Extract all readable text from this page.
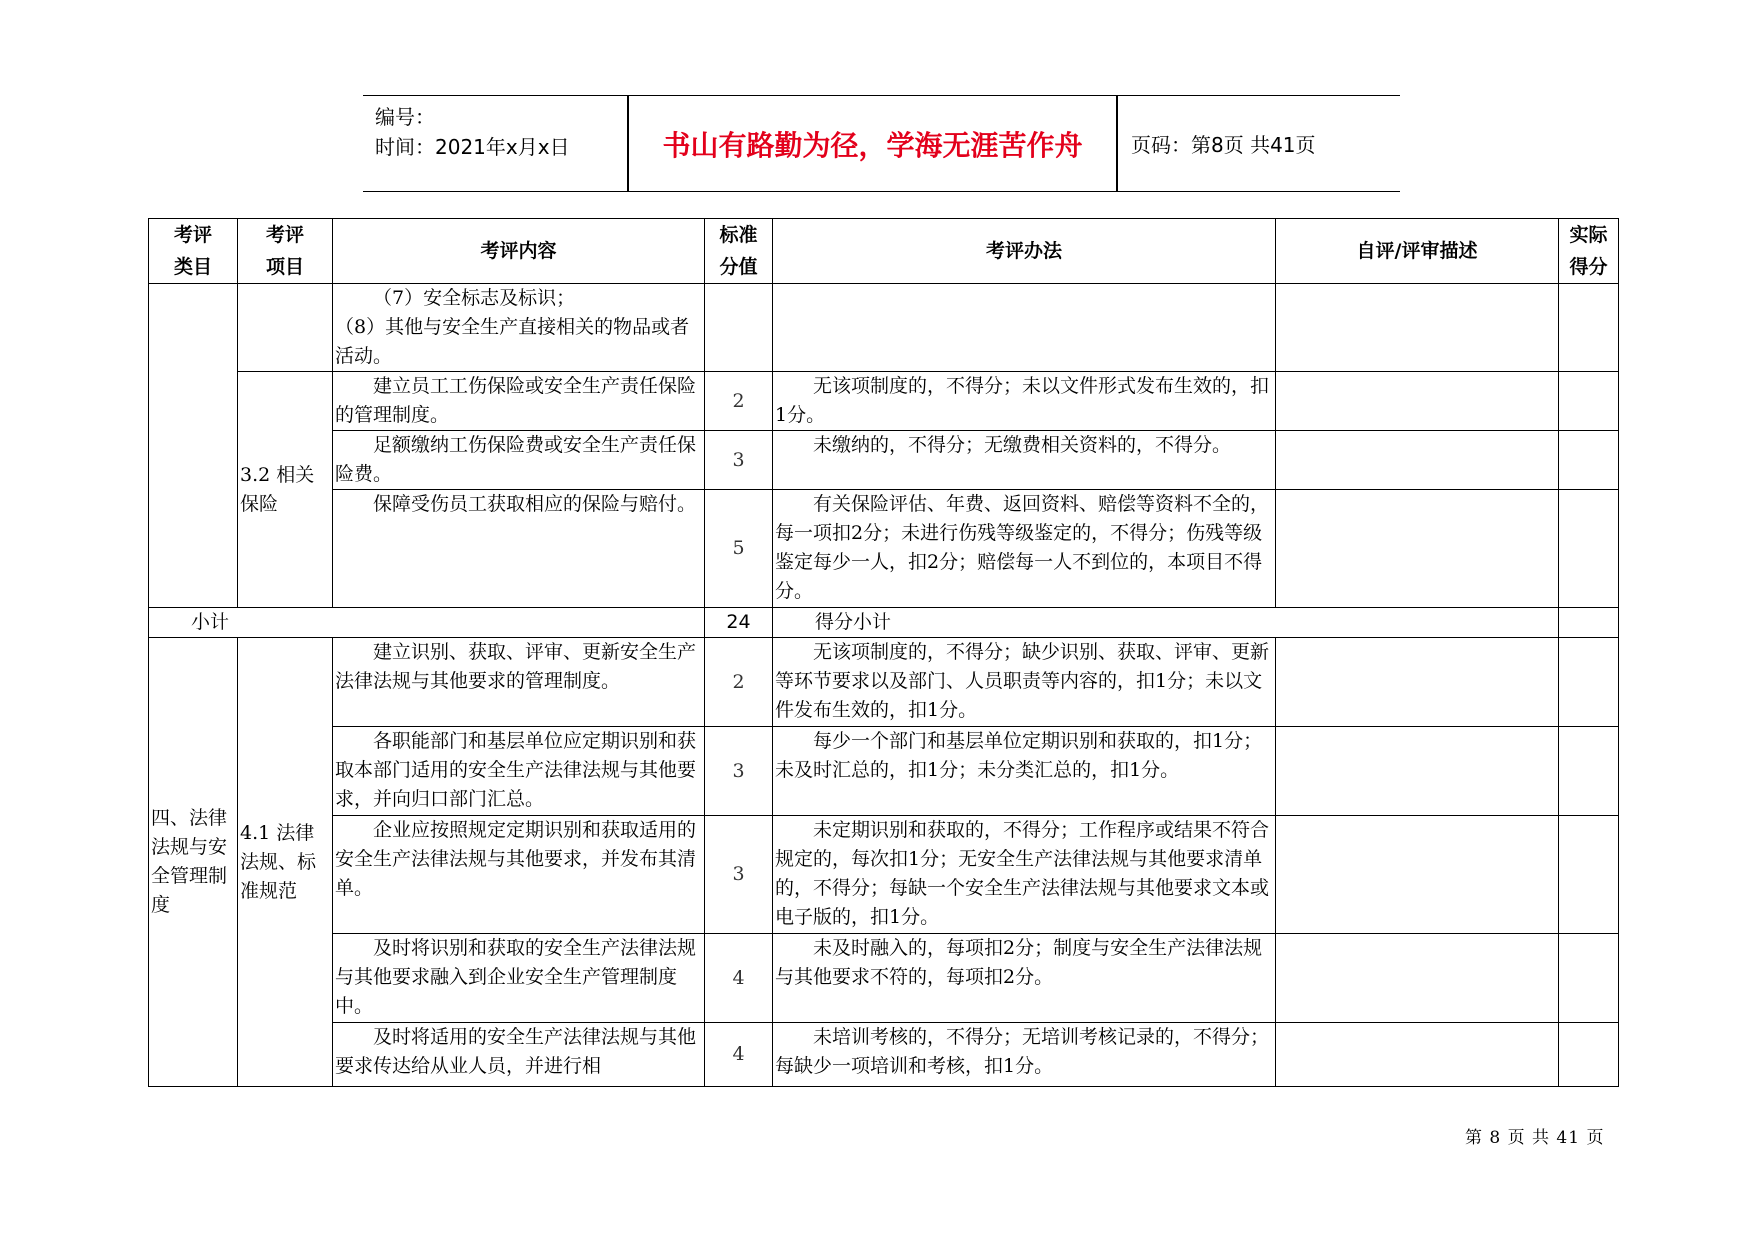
编号：
时间：2021年x月x日	书山有路勤为径，学海无涯苦作舟	页码：第8页 共41页
考评类目	考评项目	考评内容	标准分值	考评办法	自评/评审描述	实际得分
		（7）安全标志及标识；
（8）其他与安全生产直接相关的物品或者活动。				
	3.2 相关保险	建立员工工伤保险或安全生产责任保险的管理制度。	2	无该项制度的，不得分；未以文件形式发布生效的，扣1分。		
		足额缴纳工伤保险费或安全生产责任保险费。	3	未缴纳的，不得分；无缴费相关资料的，不得分。		
		保障受伤员工获取相应的保险与赔付。	5	有关保险评估、年费、返回资料、赔偿等资料不全的，每一项扣2分；未进行伤残等级鉴定的，不得分；伤残等级鉴定每少一人，扣2分；赔偿每一人不到位的，本项目不得分。		
小计			24	得分小计		
四、法律法规与安全管理制度	4.1 法律法规、标准规范	建立识别、获取、评审、更新安全生产法律法规与其他要求的管理制度。	2	无该项制度的，不得分；缺少识别、获取、评审、更新等环节要求以及部门、人员职责等内容的，扣1分；未以文件发布生效的，扣1分。		
		各职能部门和基层单位应定期识别和获取本部门适用的安全生产法律法规与其他要求，并向归口部门汇总。	3	每少一个部门和基层单位定期识别和获取的，扣1分；未及时汇总的，扣1分；未分类汇总的，扣1分。		
		企业应按照规定定期识别和获取适用的安全生产法律法规与其他要求，并发布其清单。	3	未定期识别和获取的，不得分；工作程序或结果不符合规定的，每次扣1分；无安全生产法律法规与其他要求清单的，不得分；每缺一个安全生产法律法规与其他要求文本或电子版的，扣1分。		
		及时将识别和获取的安全生产法律法规与其他要求融入到企业安全生产管理制度中。	4	未及时融入的，每项扣2分；制度与安全生产法律法规与其他要求不符的，每项扣2分。		
		及时将适用的安全生产法律法规与其他要求传达给从业人员，并进行相	4	未培训考核的，不得分；无培训考核记录的，不得分；每缺少一项培训和考核，扣1分。		
第 8 页 共 41 页
